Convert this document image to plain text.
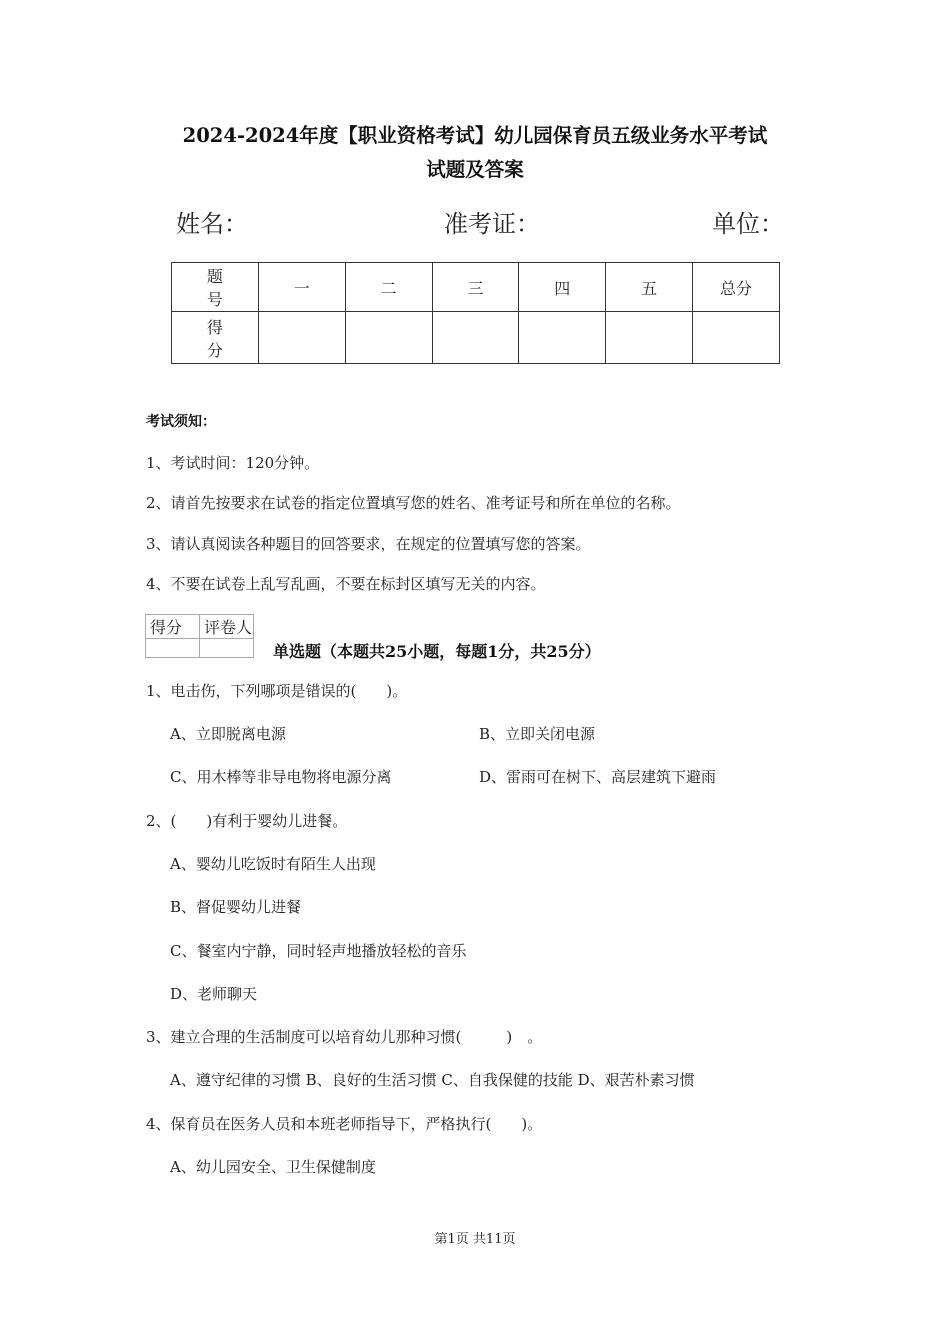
2024-2024年度【职业资格考试】幼儿园保育员五级业务水平考试
试题及答案
姓名：	准考证：	单位：
题号	一	二	三	四	五	总分
得分						
考试须知：
1、考试时间：120分钟。
2、请首先按要求在试卷的指定位置填写您的姓名、准考证号和所在单位的名称。
3、请认真阅读各种题目的回答要求，在规定的位置填写您的答案。
4、不要在试卷上乱写乱画，不要在标封区填写无关的内容。
得分	评卷人

单选题（本题共25小题，每题1分，共25分）
1、电击伤，下列哪项是错误的(　　)。
A、立即脱离电源	B、立即关闭电源
C、用木棒等非导电物将电源分离	D、雷雨可在树下、高层建筑下避雨
2、(　　)有利于婴幼儿进餐。
A、婴幼儿吃饭时有陌生人出现
B、督促婴幼儿进餐
C、餐室内宁静，同时轻声地播放轻松的音乐
D、老师聊天
3、建立合理的生活制度可以培育幼儿那种习惯(　　　)　。
A、遵守纪律的习惯 B、良好的生活习惯 C、自我保健的技能 D、艰苦朴素习惯
4、保育员在医务人员和本班老师指导下，严格执行(　　)。
A、幼儿园安全、卫生保健制度
第1页 共11页
